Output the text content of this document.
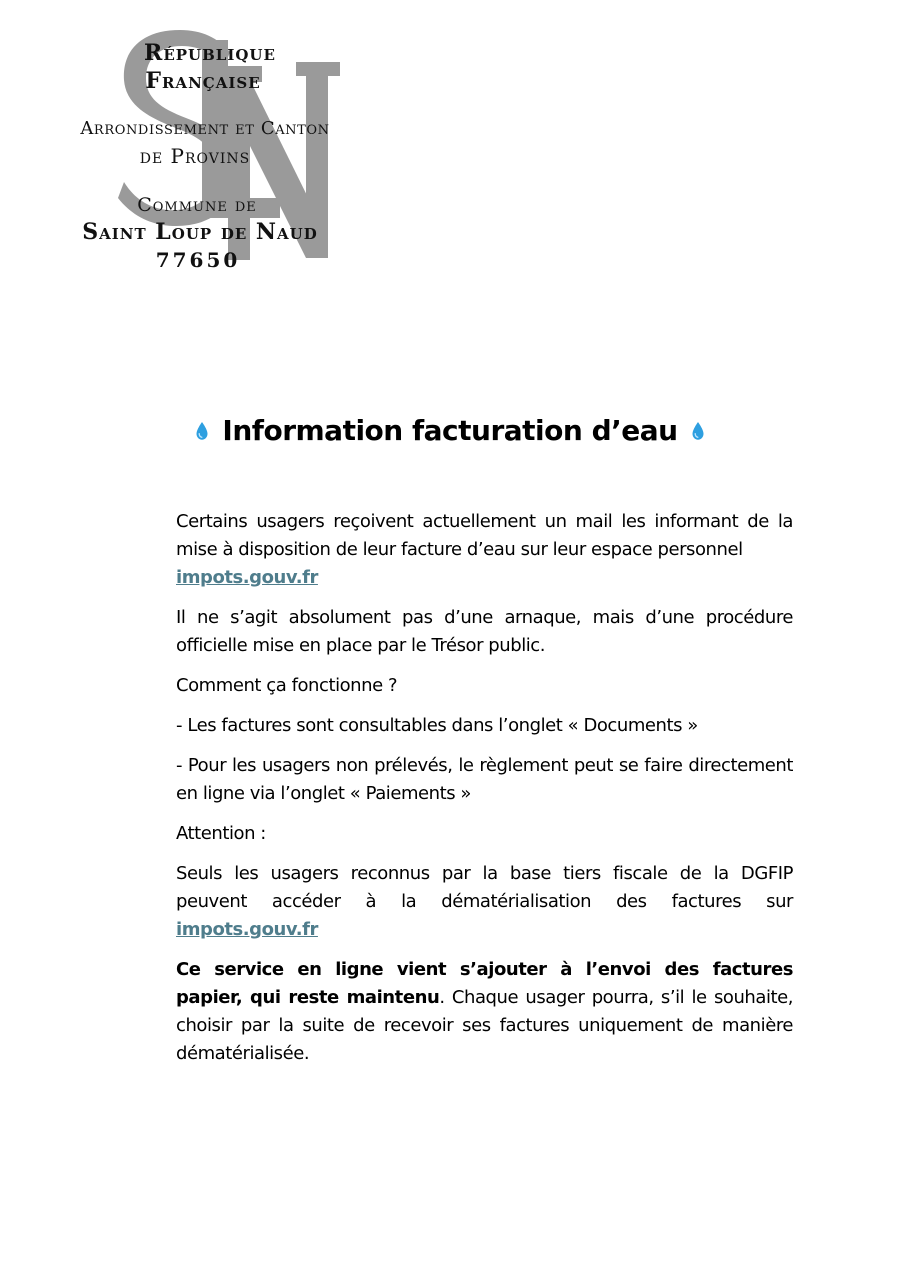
République
Française
Arrondissement et Canton
de Provins
Commune de
Saint Loup de Naud
77650
Information facturation d’eau

Certains usagers reçoivent actuellement un mail les informant de la mise à disposition de leur facture d’eau sur leur espace personnel
impots.gouv.fr

Il ne s’agit absolument pas d’une arnaque, mais d’une procédure officielle mise en place par le Trésor public.

Comment ça fonctionne ?

- Les factures sont consultables dans l’onglet « Documents »

- Pour les usagers non prélevés, le règlement peut se faire directement en ligne via l’onglet « Paiements »

Attention :

Seuls les usagers reconnus par la base tiers fiscale de la DGFIP peuvent accéder à la dématérialisation des factures sur impots.gouv.fr

Ce service en ligne vient s’ajouter à l’envoi des factures papier, qui reste maintenu. Chaque usager pourra, s’il le souhaite, choisir par la suite de recevoir ses factures uniquement de manière dématérialisée.
